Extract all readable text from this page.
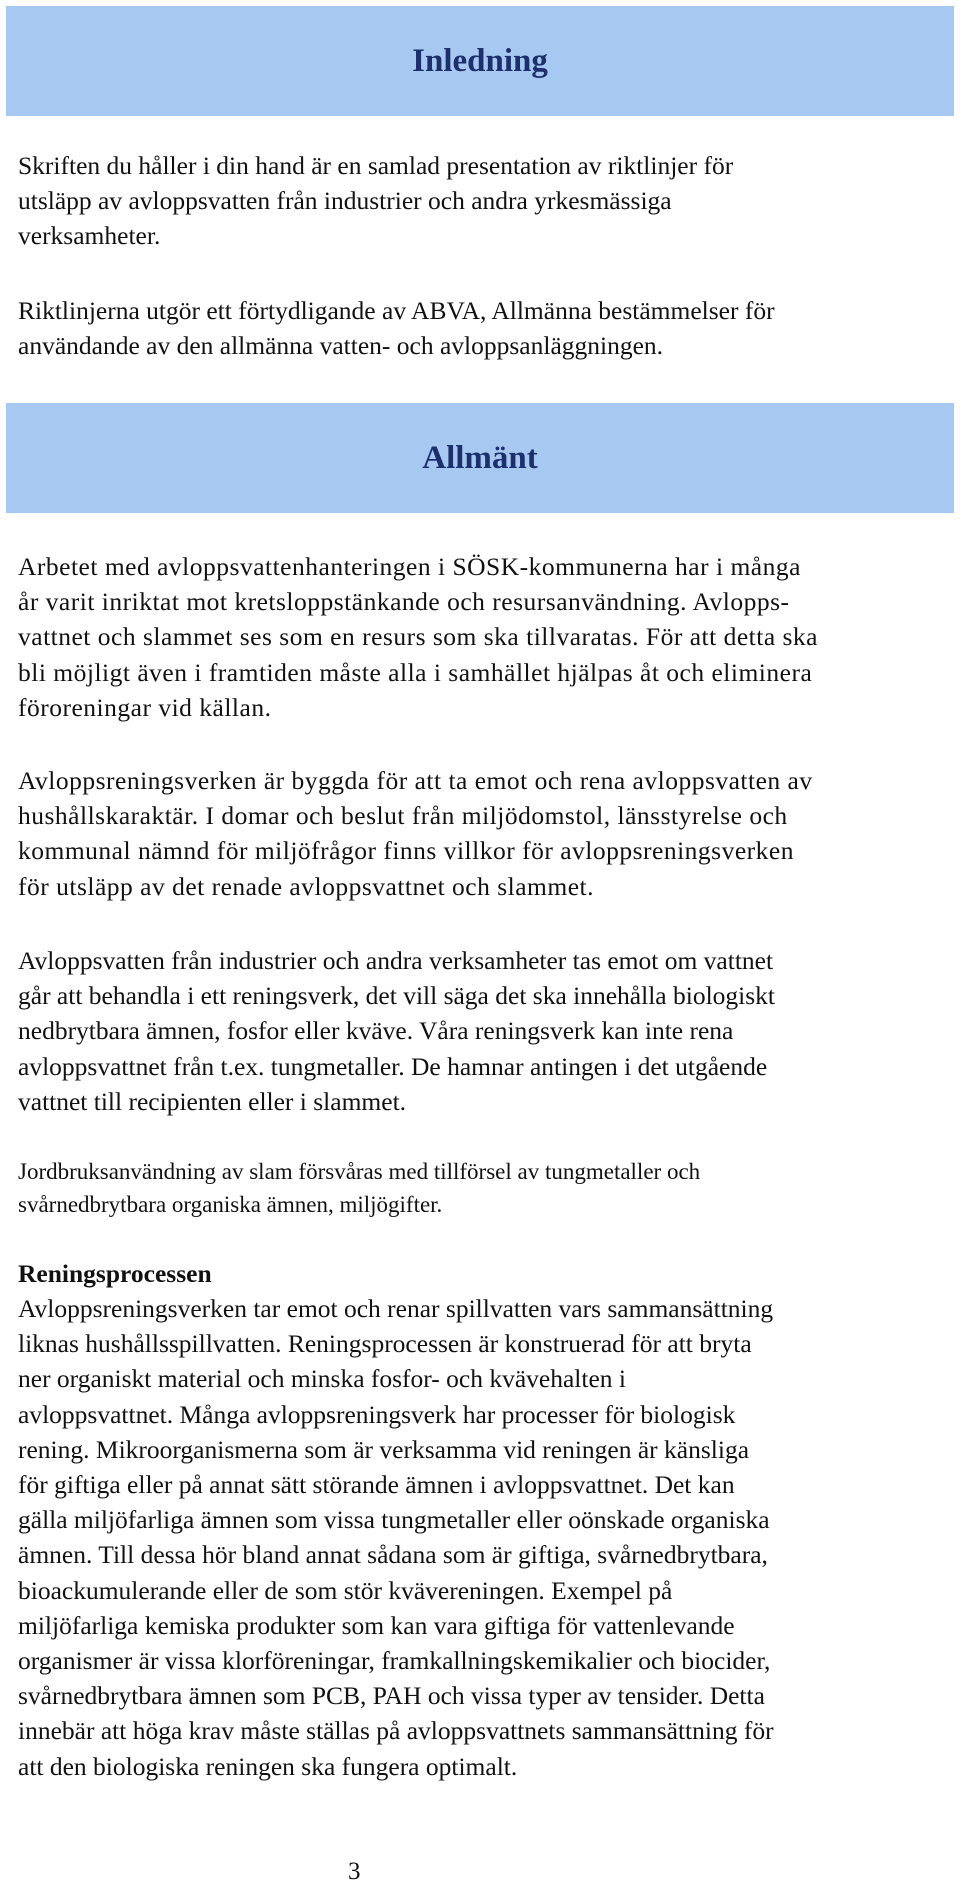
Inledning

Skriften du håller i din hand är en samlad presentation av riktlinjer för
utsläpp av avloppsvatten från industrier och andra yrkesmässiga
verksamheter.

Riktlinjerna utgör ett förtydligande av ABVA, Allmänna bestämmelser för
användande av den allmänna vatten- och avloppsanläggningen.

Allmänt

Arbetet med avloppsvattenhanteringen i SÖSK-kommunerna har i många
år varit inriktat mot kretsloppstänkande och resursanvändning. Avlopps-
vattnet och slammet ses som en resurs som ska tillvaratas. För att detta ska
bli möjligt även i framtiden måste alla i samhället hjälpas åt och eliminera
föroreningar vid källan.

Avloppsreningsverken är byggda för att ta emot och rena avloppsvatten av
hushållskaraktär. I domar och beslut från miljödomstol, länsstyrelse och
kommunal nämnd för miljöfrågor finns villkor för avloppsreningsverken
för utsläpp av det renade avloppsvattnet och slammet.

Avloppsvatten från industrier och andra verksamheter tas emot om vattnet
går att behandla i ett reningsverk, det vill säga det ska innehålla biologiskt
nedbrytbara ämnen, fosfor eller kväve. Våra reningsverk kan inte rena
avloppsvattnet från t.ex. tungmetaller. De hamnar antingen i det utgående
vattnet till recipienten eller i slammet.

Jordbruksanvändning av slam försvåras med tillförsel av tungmetaller och
svårnedbrytbara organiska ämnen, miljögifter.

Reningsprocessen
Avloppsreningsverken tar emot och renar spillvatten vars sammansättning
liknas hushållsspillvatten. Reningsprocessen är konstruerad för att bryta
ner organiskt material och minska fosfor- och kvävehalten i
avloppsvattnet. Många avloppsreningsverk har processer för biologisk
rening. Mikroorganismerna som är verksamma vid reningen är känsliga
för giftiga eller på annat sätt störande ämnen i avloppsvattnet. Det kan
gälla miljöfarliga ämnen som vissa tungmetaller eller oönskade organiska
ämnen. Till dessa hör bland annat sådana som är giftiga, svårnedbrytbara,
bioackumulerande eller de som stör kvävereningen. Exempel på
miljöfarliga kemiska produkter som kan vara giftiga för vattenlevande
organismer är vissa klorföreningar, framkallningskemikalier och biocider,
svårnedbrytbara ämnen som PCB, PAH och vissa typer av tensider. Detta
innebär att höga krav måste ställas på avloppsvattnets sammansättning för
att den biologiska reningen ska fungera optimalt.
3
